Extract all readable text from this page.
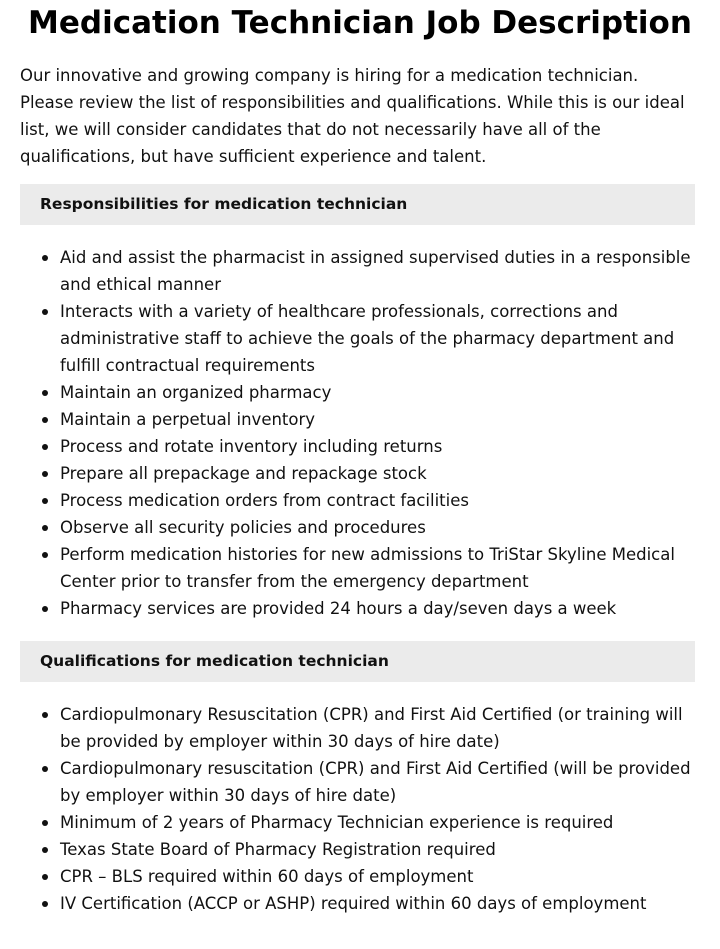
Medication Technician Job Description

Our innovative and growing company is hiring for a medication technician. Please review the list of responsibilities and qualifications. While this is our ideal list, we will consider candidates that do not necessarily have all of the qualifications, but have sufficient experience and talent.

Responsibilities for medication technician
Aid and assist the pharmacist in assigned supervised duties in a responsible and ethical manner
Interacts with a variety of healthcare professionals, corrections and administrative staff to achieve the goals of the pharmacy department and fulfill contractual requirements
Maintain an organized pharmacy
Maintain a perpetual inventory
Process and rotate inventory including returns
Prepare all prepackage and repackage stock
Process medication orders from contract facilities
Observe all security policies and procedures
Perform medication histories for new admissions to TriStar Skyline Medical Center prior to transfer from the emergency department
Pharmacy services are provided 24 hours a day/seven days a week
Qualifications for medication technician
Cardiopulmonary Resuscitation (CPR) and First Aid Certified (or training will be provided by employer within 30 days of hire date)
Cardiopulmonary resuscitation (CPR) and First Aid Certified (will be provided by employer within 30 days of hire date)
Minimum of 2 years of Pharmacy Technician experience is required
Texas State Board of Pharmacy Registration required
CPR – BLS required within 60 days of employment
IV Certification (ACCP or ASHP) required within 60 days of employment
